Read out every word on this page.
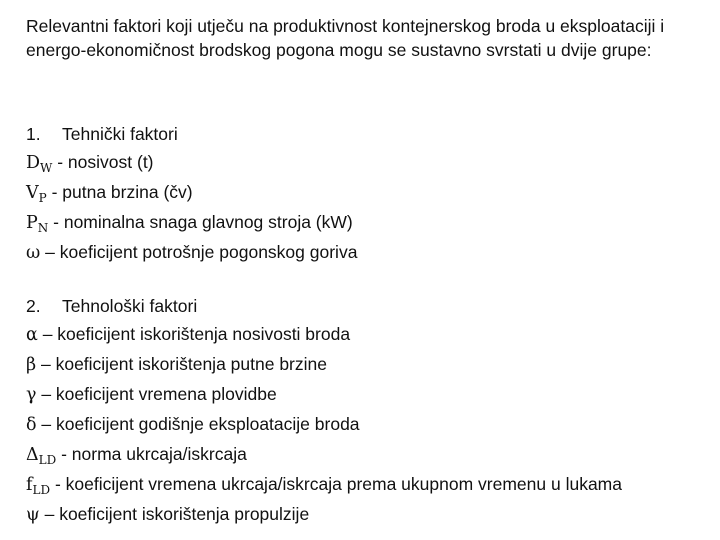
Relevantni faktori koji utječu na produktivnost kontejnerskog broda u eksploataciji i energo-ekonomičnost brodskog pogona mogu se sustavno svrstati u dvije grupe:
1. Tehnički faktori
$D_W$ - nosivost (t)
$V_P$ - putna brzina (čv)
$P_N$ - nominalna snaga glavnog stroja (kW)
ω – koeficijent potrošnje pogonskog goriva
2. Tehnološki faktori
α – koeficijent iskorištenja nosivosti broda
β – koeficijent iskorištenja putne brzine
γ – koeficijent vremena plovidbe
δ – koeficijent godišnje eksploatacije broda
$\Delta_{LD}$ - norma ukrcaja/iskrcaja
$f_{LD}$ - koeficijent vremena ukrcaja/iskrcaja prema ukupnom vremenu u lukama
ψ – koeficijent iskorištenja propulzije
